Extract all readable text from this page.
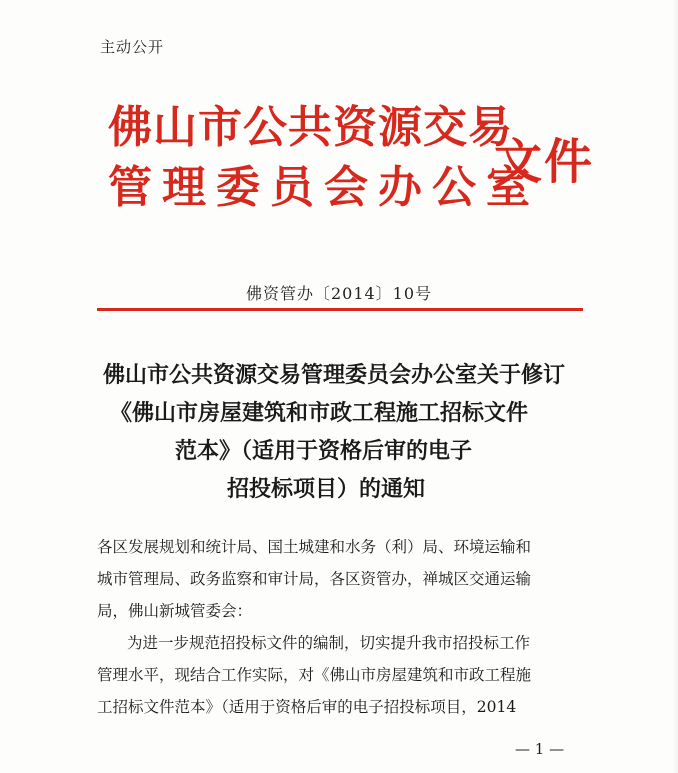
主动公开
佛山市公共资源交易
管理委员会办公室
文件
佛资管办〔2014〕10号
佛山市公共资源交易管理委员会办公室关于修订
《佛山市房屋建筑和市政工程施工招标文件
范本》（适用于资格后审的电子
招投标项目）的通知
各区发展规划和统计局、国土城建和水务（利）局、环境运输和
城市管理局、政务监察和审计局，各区资管办，禅城区交通运输
局，佛山新城管委会：
为进一步规范招投标文件的编制，切实提升我市招投标工作
管理水平，现结合工作实际，对《佛山市房屋建筑和市政工程施
工招标文件范本》（适用于资格后审的电子招投标项目，2014
— 1 —
